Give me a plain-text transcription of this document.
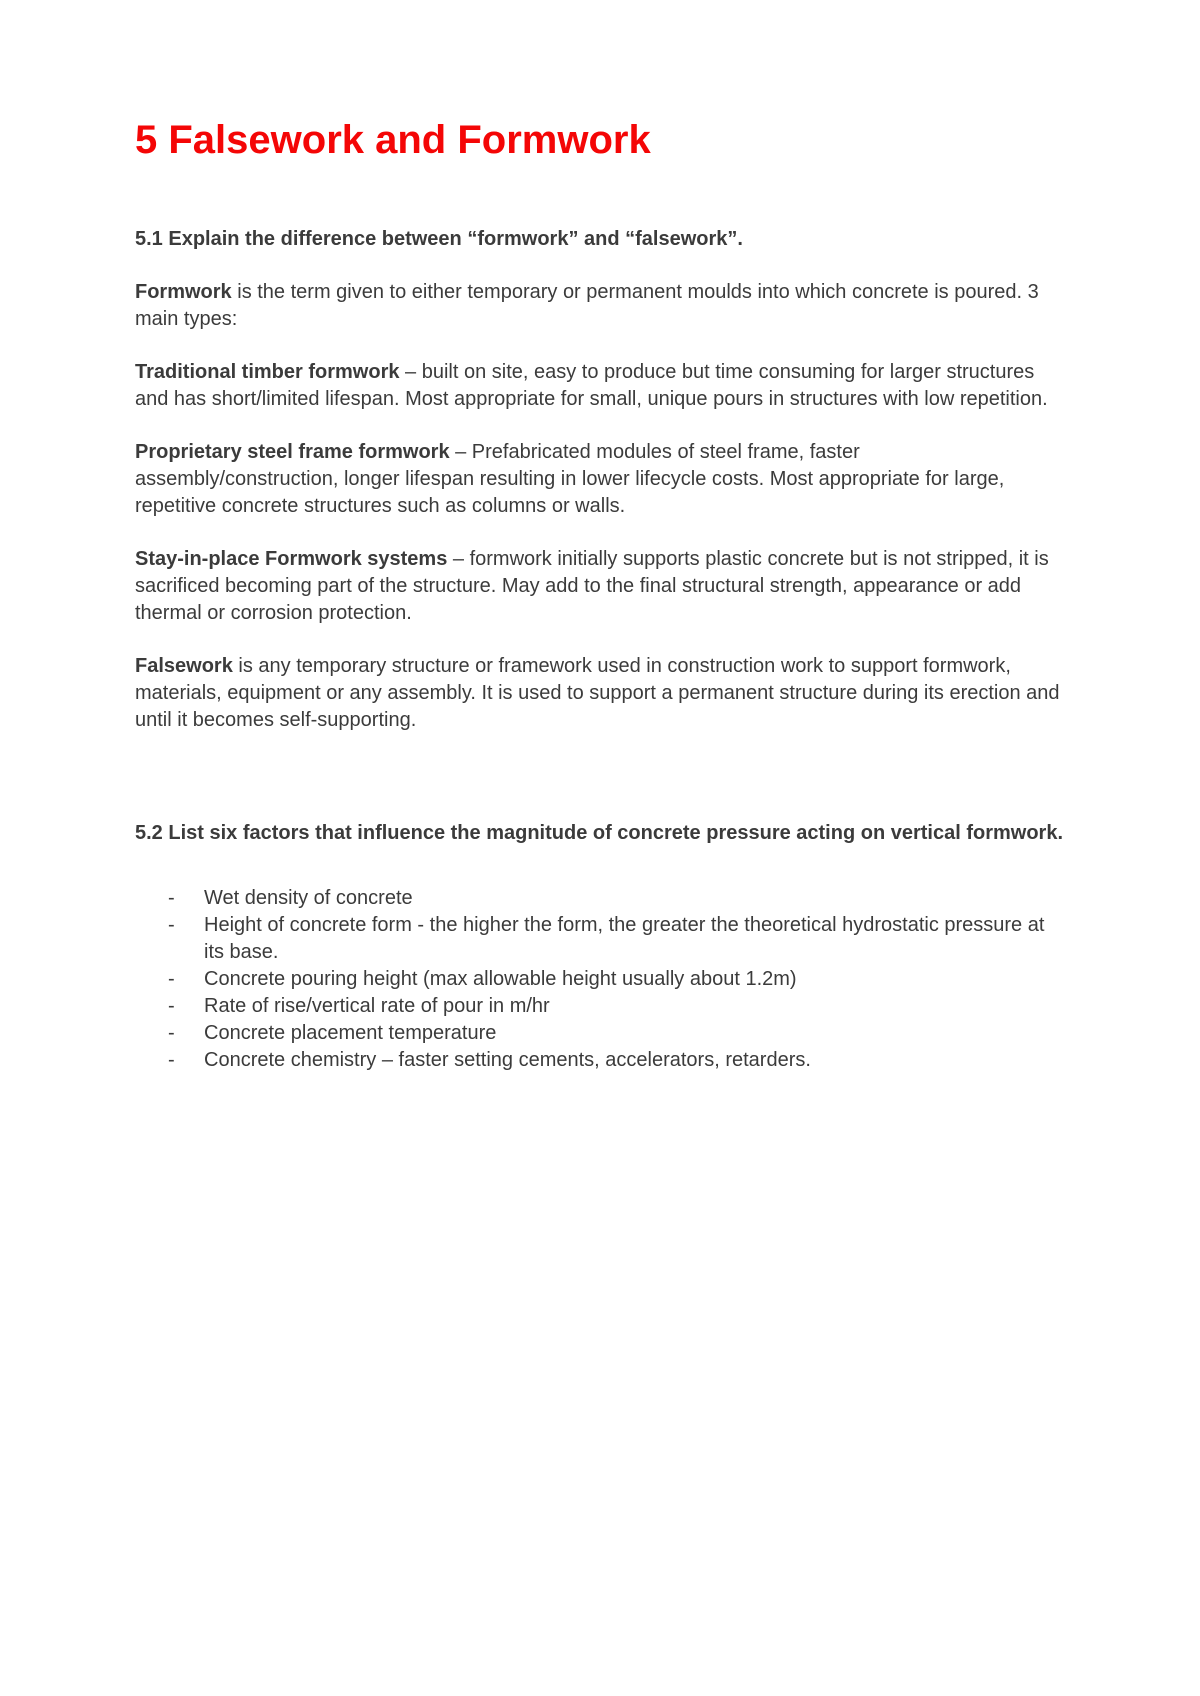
5 Falsework and Formwork
5.1 Explain the difference between “formwork” and “falsework”.

Formwork is the term given to either temporary or permanent moulds into which concrete is poured. 3 main types:

Traditional timber formwork – built on site, easy to produce but time consuming for larger structures and has short/limited lifespan. Most appropriate for small, unique pours in structures with low repetition.

Proprietary steel frame formwork – Prefabricated modules of steel frame, faster assembly/construction, longer lifespan resulting in lower lifecycle costs. Most appropriate for large, repetitive concrete structures such as columns or walls.

Stay-in-place Formwork systems – formwork initially supports plastic concrete but is not stripped, it is sacrificed becoming part of the structure. May add to the final structural strength, appearance or add thermal or corrosion protection.

Falsework is any temporary structure or framework used in construction work to support formwork, materials, equipment or any assembly. It is used to support a permanent structure during its erection and until it becomes self-supporting.

5.2 List six factors that influence the magnitude of concrete pressure acting on vertical formwork.
- Wet density of concrete
- Height of concrete form - the higher the form, the greater the theoretical hydrostatic pressure at its base.
- Concrete pouring height (max allowable height usually about 1.2m)
- Rate of rise/vertical rate of pour in m/hr
- Concrete placement temperature
- Concrete chemistry – faster setting cements, accelerators, retarders.
